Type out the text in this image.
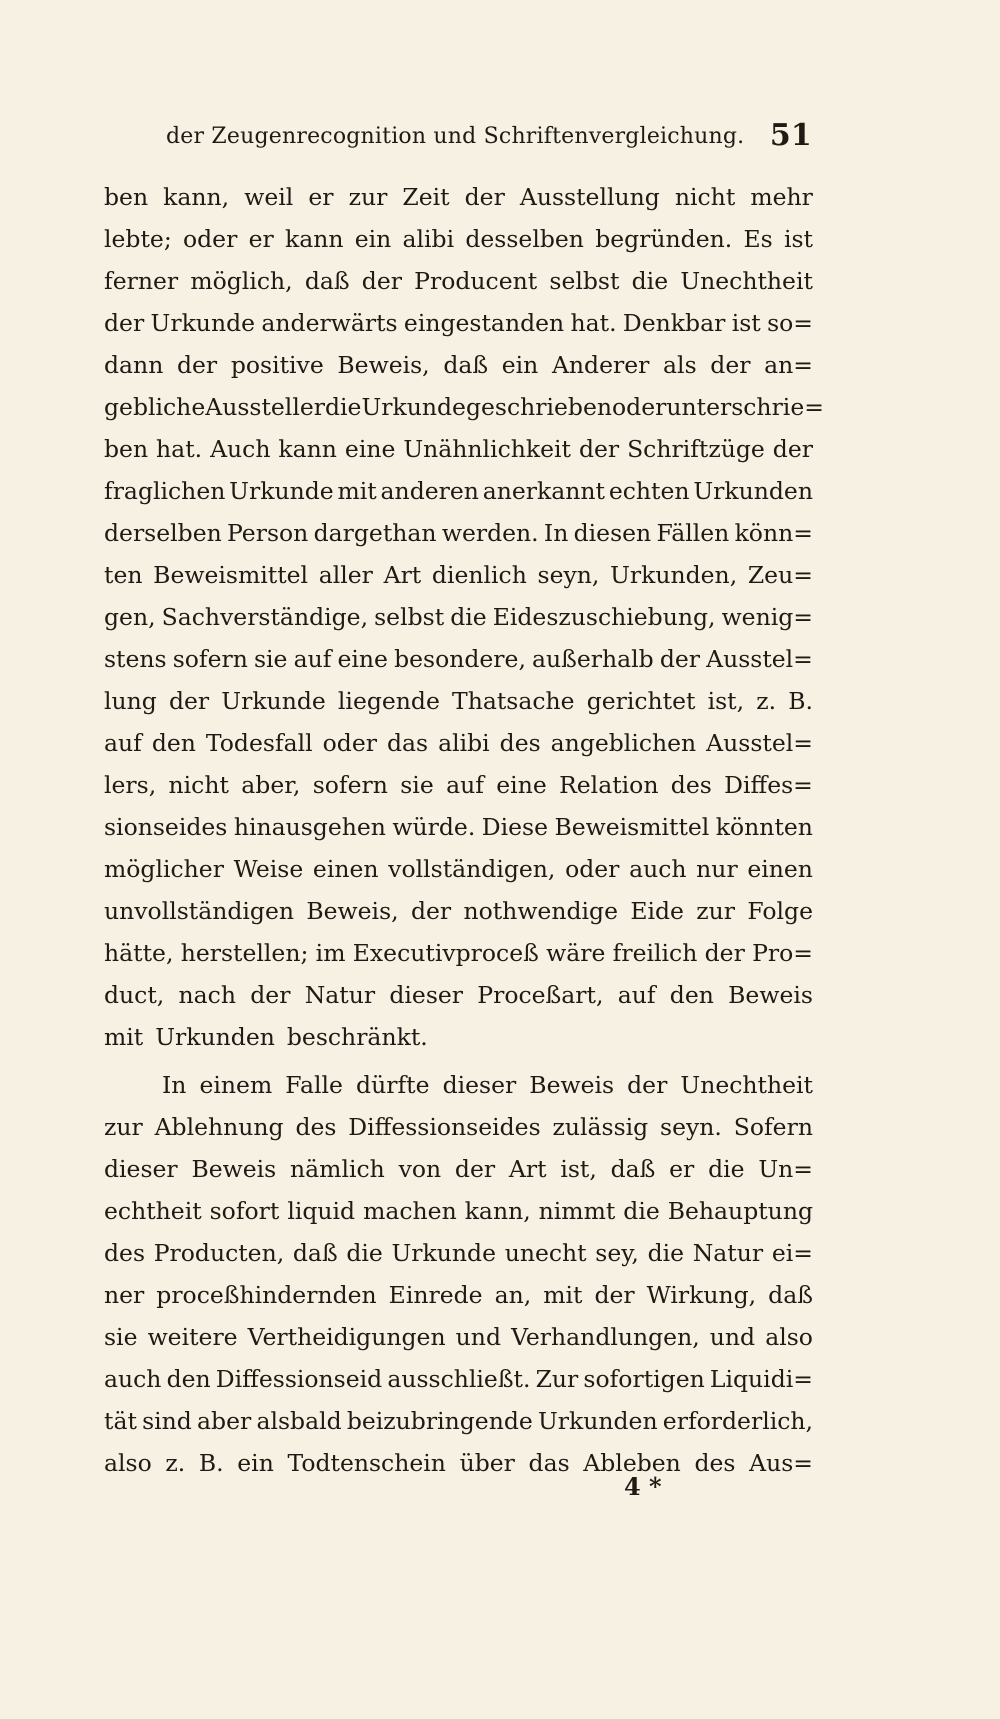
der Zeugenrecognition und Schriftenvergleichung. 51
ben kann, weil er zur Zeit der Ausstellung nicht mehr
lebte; oder er kann ein alibi desselben begründen. Es ist
ferner möglich, daß der Producent selbst die Unechtheit
der Urkunde anderwärts eingestanden hat. Denkbar ist so=
dann der positive Beweis, daß ein Anderer als der an=
gebliche Aussteller die Urkunde geschrieben oder unterschrie=
ben hat. Auch kann eine Unähnlichkeit der Schriftzüge der
fraglichen Urkunde mit anderen anerkannt echten Urkunden
derselben Person dargethan werden. In diesen Fällen könn=
ten Beweismittel aller Art dienlich seyn, Urkunden, Zeu=
gen, Sachverständige, selbst die Eideszuschiebung, wenig=
stens sofern sie auf eine besondere, außerhalb der Ausstel=
lung der Urkunde liegende Thatsache gerichtet ist, z. B.
auf den Todesfall oder das alibi des angeblichen Ausstel=
lers, nicht aber, sofern sie auf eine Relation des Diffes=
sionseides hinausgehen würde. Diese Beweismittel könnten
möglicher Weise einen vollständigen, oder auch nur einen
unvollständigen Beweis, der nothwendige Eide zur Folge
hätte, herstellen; im Executivproceß wäre freilich der Pro=
duct, nach der Natur dieser Proceßart, auf den Beweis
mit Urkunden beschränkt.
In einem Falle dürfte dieser Beweis der Unechtheit
zur Ablehnung des Diffessionseides zulässig seyn. Sofern
dieser Beweis nämlich von der Art ist, daß er die Un=
echtheit sofort liquid machen kann, nimmt die Behauptung
des Producten, daß die Urkunde unecht sey, die Natur ei=
ner proceßhindernden Einrede an, mit der Wirkung, daß
sie weitere Vertheidigungen und Verhandlungen, und also
auch den Diffessionseid ausschließt. Zur sofortigen Liquidi=
tät sind aber alsbald beizubringende Urkunden erforderlich,
also z. B. ein Todtenschein über das Ableben des Aus=
4 *
